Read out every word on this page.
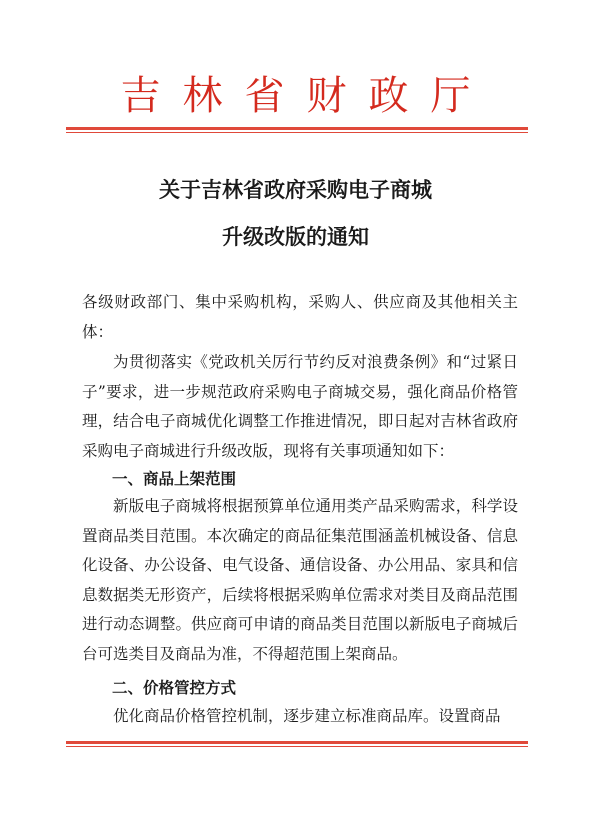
吉林省财政厅
关于吉林省政府采购电子商城
升级改版的通知

各级财政部门、集中采购机构，采购人、供应商及其他相关主体：

为贯彻落实《党政机关厉行节约反对浪费条例》和“过紧日子”要求，进一步规范政府采购电子商城交易，强化商品价格管理，结合电子商城优化调整工作推进情况，即日起对吉林省政府采购电子商城进行升级改版，现将有关事项通知如下：

一、商品上架范围

新版电子商城将根据预算单位通用类产品采购需求，科学设置商品类目范围。本次确定的商品征集范围涵盖机械设备、信息化设备、办公设备、电气设备、通信设备、办公用品、家具和信息数据类无形资产，后续将根据采购单位需求对类目及商品范围进行动态调整。供应商可申请的商品类目范围以新版电子商城后台可选类目及商品为准，不得超范围上架商品。

二、价格管控方式

优化商品价格管控机制，逐步建立标准商品库。设置商品
